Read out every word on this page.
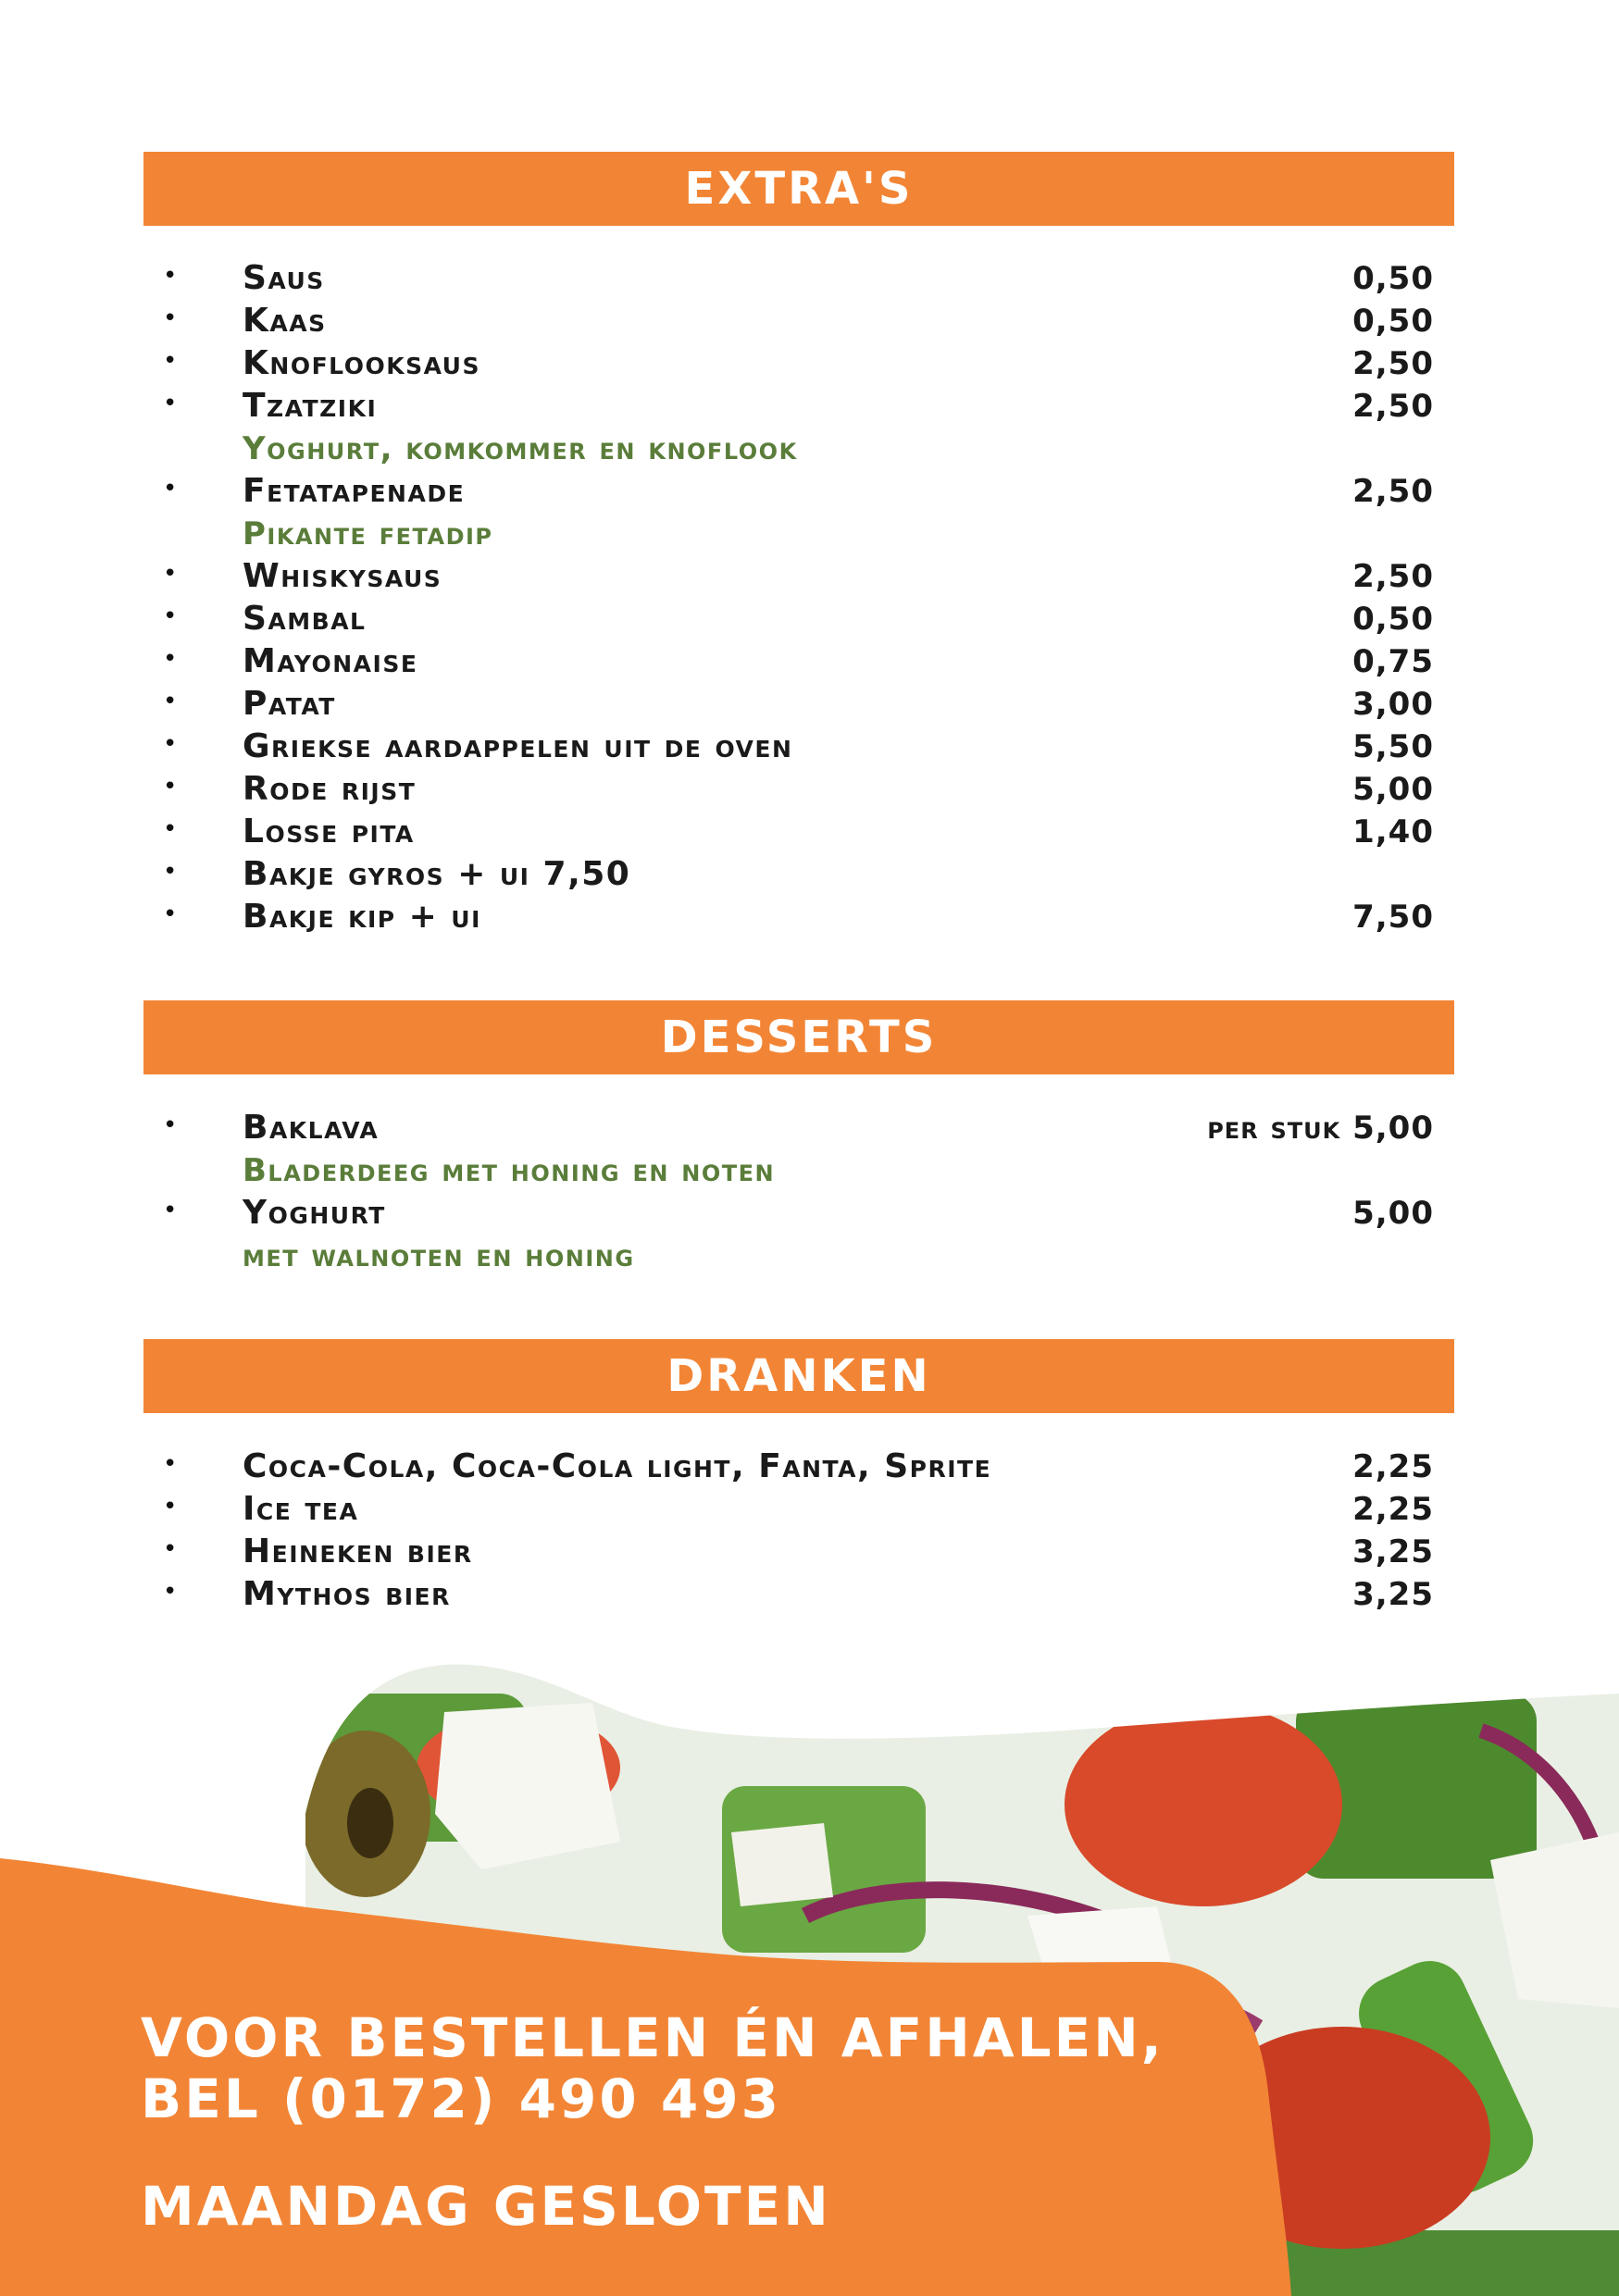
EXTRA'S
• Saus	0,50
• Kaas	0,50
• Knoflooksaus	2,50
• Tzatziki	2,50
Yoghurt, komkommer en knoflook
• Fetatapenade	2,50
Pikante fetadip
• Whiskysaus	2,50
• Sambal	0,50
• Mayonaise	0,75
• Patat	3,00
• Griekse aardappelen uit de oven	5,50
• Rode rijst	5,00
• Losse pita	1,40
• Bakje gyros + ui 7,50
• Bakje kip + ui	7,50
DESSERTS
• Baklava	per stuk 5,00
Bladerdeeg met honing en noten
• Yoghurt	5,00
met walnoten en honing
DRANKEN
• Coca-Cola, Coca-Cola light, Fanta, Sprite	2,25
• Ice tea	2,25
• Heineken bier	3,25
• Mythos bier	3,25
VOOR BESTELLEN ÉN AFHALEN,
BEL (0172) 490 493
MAANDAG GESLOTEN
